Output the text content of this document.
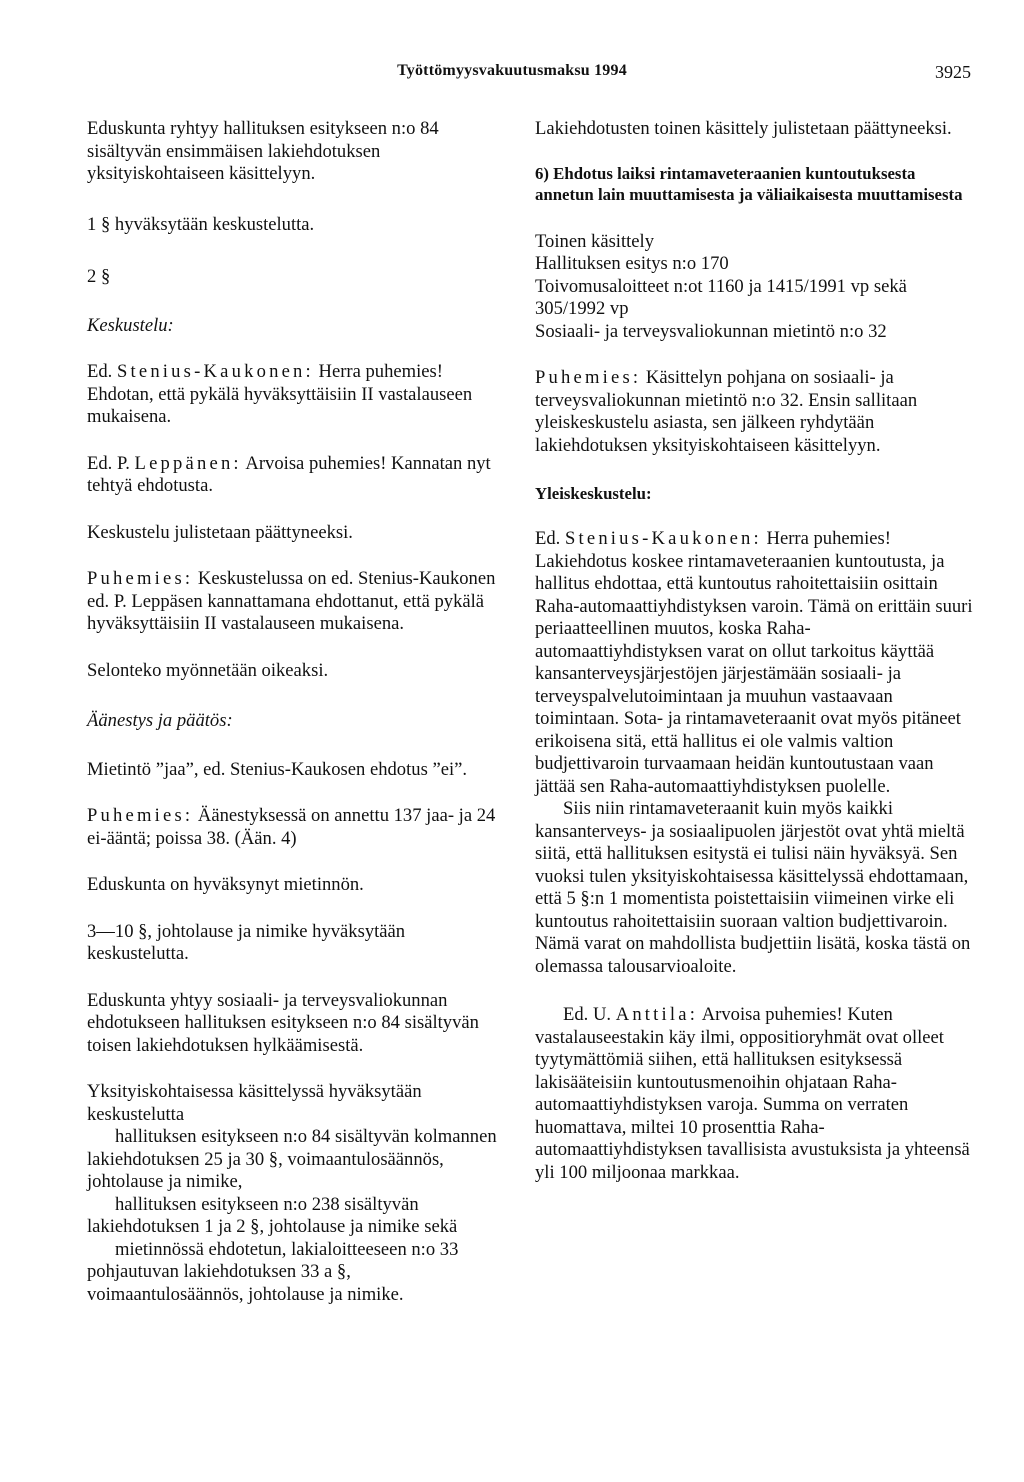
Työttömyysvakuutusmaksu 1994	3925

Eduskunta ryhtyy hallituksen esitykseen n:o 84 sisältyvän ensimmäisen lakiehdotuksen yksityiskohtaiseen käsittelyyn.

1 § hyväksytään keskustelutta.

2 §

Keskustelu:

Ed. Stenius-Kaukonen: Herra puhemies! Ehdotan, että pykälä hyväksyttäisiin II vastalauseen mukaisena.

Ed. P. Leppänen: Arvoisa puhemies! Kannatan nyt tehtyä ehdotusta.

Keskustelu julistetaan päättyneeksi.

Puhemies: Keskustelussa on ed. Stenius-Kaukonen ed. P. Leppäsen kannattamana ehdottanut, että pykälä hyväksyttäisiin II vastalauseen mukaisena.

Selonteko myönnetään oikeaksi.

Äänestys ja päätös:

Mietintö ”jaa”, ed. Stenius-Kaukosen ehdotus ”ei”.

Puhemies: Äänestyksessä on annettu 137 jaa- ja 24 ei-ääntä; poissa 38. (Ään. 4)

Eduskunta on hyväksynyt mietinnön.

3—10 §, johtolause ja nimike hyväksytään keskustelutta.

Eduskunta yhtyy sosiaali- ja terveysvaliokunnan ehdotukseen hallituksen esitykseen n:o 84 sisältyvän toisen lakiehdotuksen hylkäämisestä.

Yksityiskohtaisessa käsittelyssä hyväksytään keskustelutta

hallituksen esitykseen n:o 84 sisältyvän kolmannen lakiehdotuksen 25 ja 30 §, voimaantulosäännös, johtolause ja nimike,

hallituksen esitykseen n:o 238 sisältyvän lakiehdotuksen 1 ja 2 §, johtolause ja nimike sekä

mietinnössä ehdotetun, lakialoitteeseen n:o 33 pohjautuvan lakiehdotuksen 33 a §, voimaantulosäännös, johtolause ja nimike.

Lakiehdotusten toinen käsittely julistetaan päättyneeksi.

6) Ehdotus laiksi rintamaveteraanien kuntoutuksesta annetun lain muuttamisesta ja väliaikaisesta muuttamisesta

Toinen käsittely

Hallituksen esitys n:o 170

Toivomusaloitteet n:ot 1160 ja 1415/1991 vp sekä 305/1992 vp

Sosiaali- ja terveysvaliokunnan mietintö n:o 32

Puhemies: Käsittelyn pohjana on sosiaali- ja terveysvaliokunnan mietintö n:o 32. Ensin sallitaan yleiskeskustelu asiasta, sen jälkeen ryhdytään lakiehdotuksen yksityiskohtaiseen käsittelyyn.

Yleiskeskustelu:

Ed. Stenius-Kaukonen: Herra puhemies! Lakiehdotus koskee rintamaveteraanien kuntoutusta, ja hallitus ehdottaa, että kuntoutus rahoitettaisiin osittain Raha-automaattiyhdistyksen varoin. Tämä on erittäin suuri periaatteellinen muutos, koska Raha-automaattiyhdistyksen varat on ollut tarkoitus käyttää kansanterveysjärjestöjen järjestämään sosiaali- ja terveyspalvelutoimintaan ja muuhun vastaavaan toimintaan. Sota- ja rintamaveteraanit ovat myös pitäneet erikoisena sitä, että hallitus ei ole valmis valtion budjettivaroin turvaamaan heidän kuntoutustaan vaan jättää sen Raha-automaattiyhdistyksen puolelle.

Siis niin rintamaveteraanit kuin myös kaikki kansanterveys- ja sosiaalipuolen järjestöt ovat yhtä mieltä siitä, että hallituksen esitystä ei tulisi näin hyväksyä. Sen vuoksi tulen yksityiskohtaisessa käsittelyssä ehdottamaan, että 5 §:n 1 momentista poistettaisiin viimeinen virke eli kuntoutus rahoitettaisiin suoraan valtion budjettivaroin. Nämä varat on mahdollista budjettiin lisätä, koska tästä on olemassa talousarvioaloite.

Ed. U. Anttila: Arvoisa puhemies! Kuten vastalauseestakin käy ilmi, oppositioryhmät ovat olleet tyytymättömiä siihen, että hallituksen esityksessä lakisääteisiin kuntoutusmenoihin ohjataan Raha-automaattiyhdistyksen varoja. Summa on verraten huomattava, miltei 10 prosenttia Raha-automaattiyhdistyksen tavallisista avustuksista ja yhteensä yli 100 miljoonaa markkaa.
